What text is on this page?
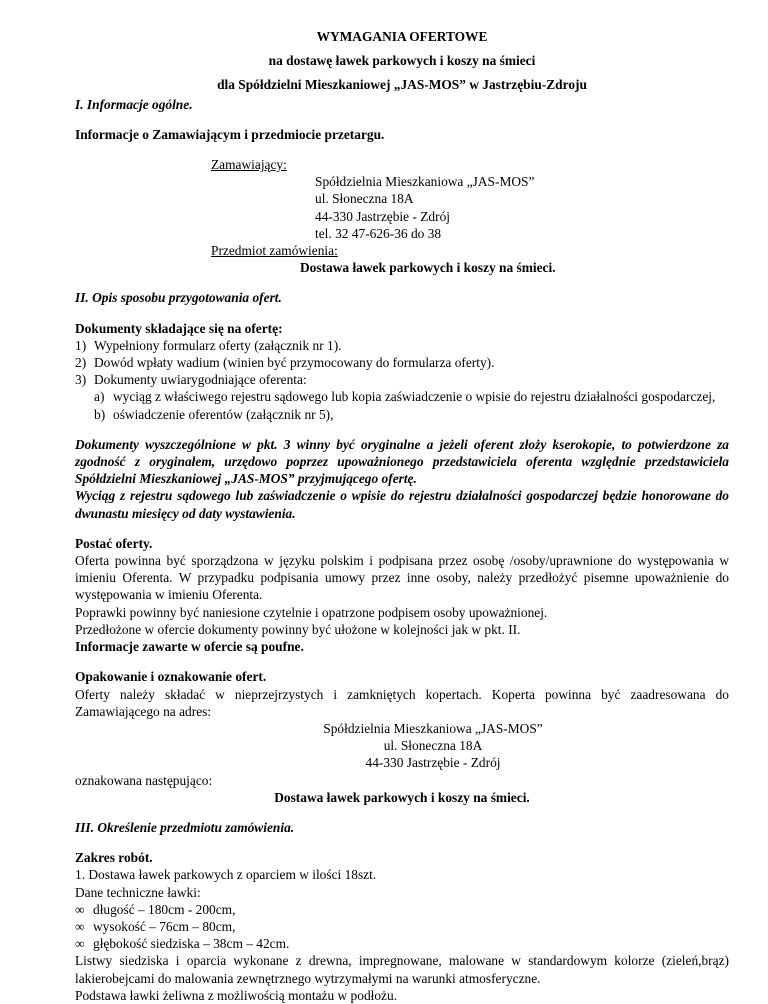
WYMAGANIA OFERTOWE
na dostawę ławek parkowych i koszy na śmieci
dla Spółdzielni Mieszkaniowej „JAS-MOS” w Jastrzębiu-Zdroju
I. Informacje ogólne.
Informacje o Zamawiającym i przedmiocie przetargu.
Zamawiający:
Spółdzielnia Mieszkaniowa „JAS-MOS”
ul. Słoneczna 18A
44-330 Jastrzębie - Zdrój
tel. 32 47-626-36 do 38
Przedmiot zamówienia:
Dostawa ławek parkowych i koszy na śmieci.
II. Opis sposobu przygotowania ofert.
Dokumenty składające się na ofertę:
1) Wypełniony formularz oferty (załącznik nr 1).
2) Dowód wpłaty wadium (winien być przymocowany do formularza oferty).
3) Dokumenty uwiarygodniające oferenta:
a) wyciąg z właściwego rejestru sądowego lub kopia zaświadczenie o wpisie do rejestru działalności gospodarczej,
b) oświadczenie oferentów (załącznik nr 5),
Dokumenty wyszczególnione w pkt. 3 winny być oryginalne a jeżeli oferent złoży kserokopie, to potwierdzone za zgodność z oryginałem, urzędowo poprzez upoważnionego przedstawiciela oferenta względnie przedstawiciela Spółdzielni Mieszkaniowej „JAS-MOS” przyjmującego ofertę.
Wyciąg z rejestru sądowego lub zaświadczenie o wpisie do rejestru działalności gospodarczej będzie honorowane do dwunastu miesięcy od daty wystawienia.
Postać oferty.
Oferta powinna być sporządzona w języku polskim i podpisana przez osobę /osoby/uprawnione do występowania w imieniu Oferenta. W przypadku podpisania umowy przez inne osoby, należy przedłożyć pisemne upoważnienie do występowania w imieniu Oferenta.
Poprawki powinny być naniesione czytelnie i opatrzone podpisem osoby upoważnionej.
Przedłożone w ofercie dokumenty powinny być ułożone w kolejności jak w pkt. II.
Informacje zawarte w ofercie są poufne.
Opakowanie i oznakowanie ofert.
Oferty należy składać w nieprzejrzystych i zamkniętych kopertach. Koperta powinna być zaadresowana do Zamawiającego na adres:
Spółdzielnia Mieszkaniowa „JAS-MOS”
ul. Słoneczna 18A
44-330 Jastrzębie - Zdrój
oznakowana następująco:
Dostawa ławek parkowych i koszy na śmieci.
III. Określenie przedmiotu zamówienia.
Zakres robót.
1. Dostawa ławek parkowych z oparciem w ilości 18szt.
Dane techniczne ławki:
∞ długość – 180cm - 200cm,
∞ wysokość – 76cm – 80cm,
∞ głębokość siedziska – 38cm – 42cm.
Listwy siedziska i oparcia wykonane z drewna, impregnowane, malowane w standardowym kolorze (zieleń,brąz) lakierobejcami do malowania zewnętrznego wytrzymałymi na warunki atmosferyczne.
Podstawa ławki żeliwna z możliwością montażu w podłożu.
